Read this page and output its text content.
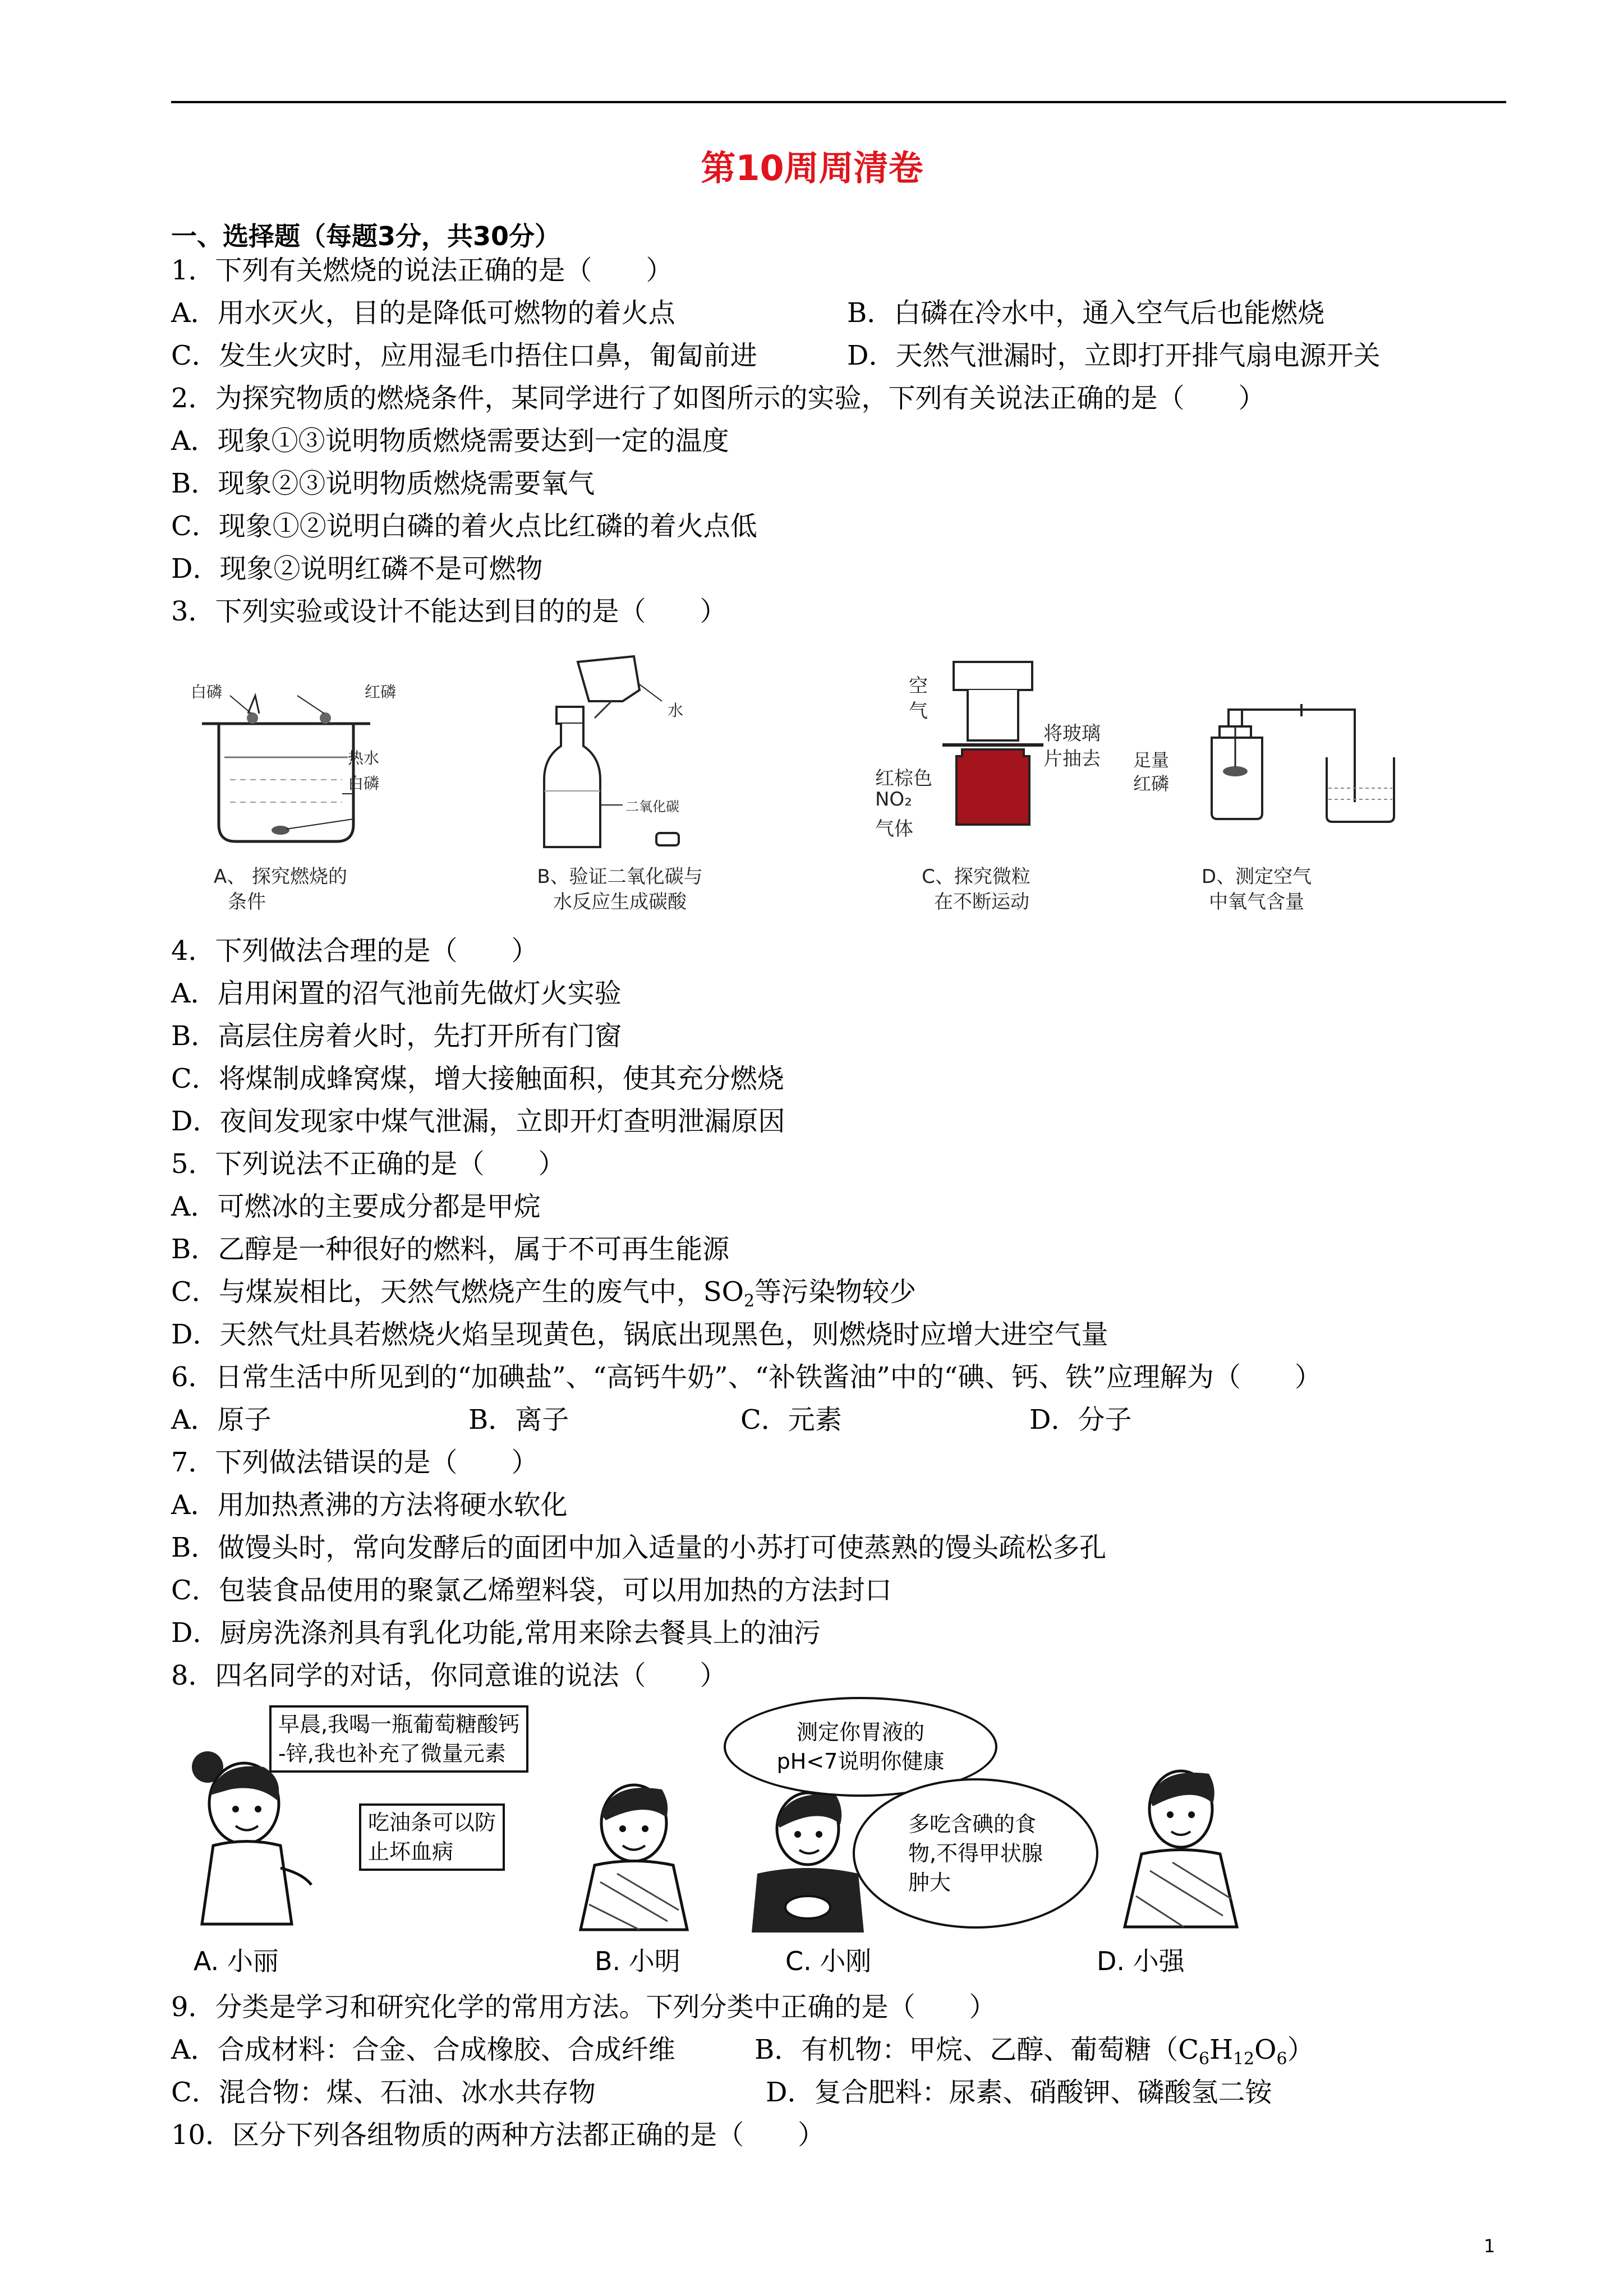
第10周周清卷
一、选择题（每题3分，共30分）
1．下列有关燃烧的说法正确的是（　　）
A．用水灭火，目的是降低可燃物的着火点	B．白磷在冷水中，通入空气后也能燃烧
C．发生火灾时，应用湿毛巾捂住口鼻，匍匐前进	D．天然气泄漏时，立即打开排气扇电源开关
2．为探究物质的燃烧条件，某同学进行了如图所示的实验，下列有关说法正确的是（　　）
A．现象①③说明物质燃烧需要达到一定的温度
B．现象②③说明物质燃烧需要氧气
C．现象①②说明白磷的着火点比红磷的着火点低
D．现象②说明红磷不是可燃物
3．下列实验或设计不能达到目的的是（　　）
白磷	红磷
热水
白磷
A、 探究燃烧的
条件
水
二氧化碳
B、验证二氧化碳与
水反应生成碳酸
空
气
将玻璃
片抽去
红棕色
NO₂
气体
C、探究微粒
在不断运动
足量
红磷
D、测定空气
中氧气含量
4．下列做法合理的是（　　）
A．启用闲置的沼气池前先做灯火实验
B．高层住房着火时，先打开所有门窗
C．将煤制成蜂窝煤，增大接触面积，使其充分燃烧
D．夜间发现家中煤气泄漏，立即开灯查明泄漏原因
5．下列说法不正确的是（　　）
A．可燃冰的主要成分都是甲烷
B．乙醇是一种很好的燃料，属于不可再生能源
C．与煤炭相比，天然气燃烧产生的废气中，$SO_2$等污染物较少
D．天然气灶具若燃烧火焰呈现黄色，锅底出现黑色，则燃烧时应增大进空气量
6．日常生活中所见到的“加碘盐”、“高钙牛奶”、“补铁酱油”中的“碘、钙、铁”应理解为（　　）
A．原子	B．离子	C．元素	D．分子
7．下列做法错误的是（　　）
A．用加热煮沸的方法将硬水软化
B．做馒头时，常向发酵后的面团中加入适量的小苏打可使蒸熟的馒头疏松多孔
C．包装食品使用的聚氯乙烯塑料袋，可以用加热的方法封口
D．厨房洗涤剂具有乳化功能,常用来除去餐具上的油污
8．四名同学的对话，你同意谁的说法（　　）
早晨,我喝一瓶葡萄糖酸钙
-锌,我也补充了微量元素
吃油条可以防
止坏血病
测定你胃液的
pH<7说明你健康
多吃含碘的食
物,不得甲状腺
肿大
A. 小丽	B. 小明	C. 小刚	D. 小强
9．分类是学习和研究化学的常用方法。下列分类中正确的是（　　）
A．合成材料：合金、合成橡胶、合成纤维	B．有机物：甲烷、乙醇、葡萄糖$(C_6H_{12}O_6)$
C．混合物：煤、石油、冰水共存物	D．复合肥料：尿素、硝酸钾、磷酸氢二铵
10．区分下列各组物质的两种方法都正确的是（　　）
1
